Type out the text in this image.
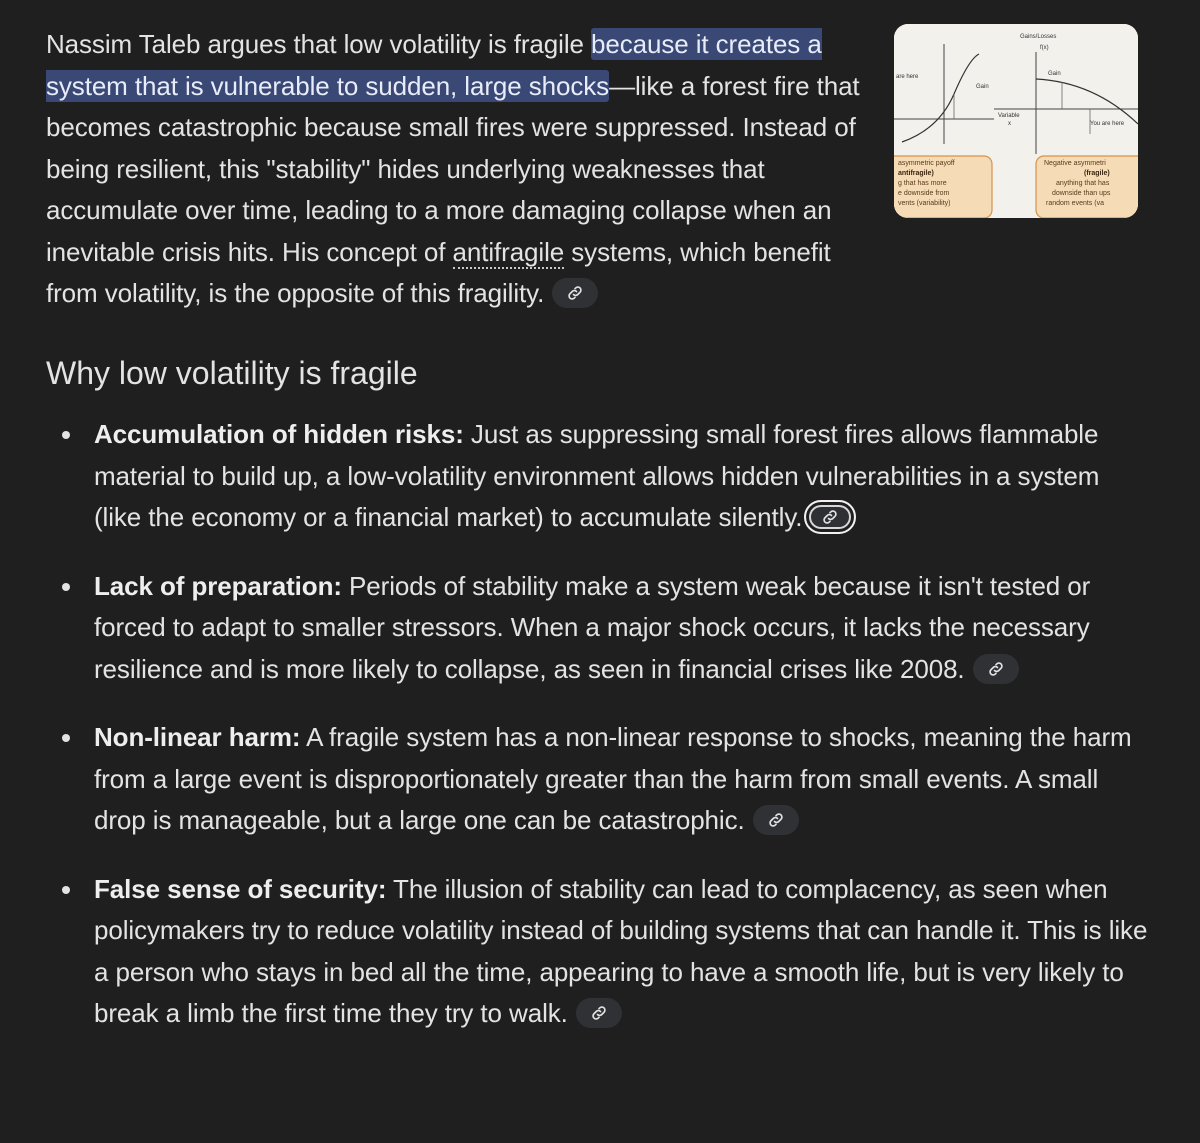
Nassim Taleb argues that low volatility is fragile because it creates a system that is vulnerable to sudden, large shocks—like a forest fire that becomes catastrophic because small fires were suppressed. Instead of being resilient, this "stability" hides underlying weaknesses that accumulate over time, leading to a more damaging collapse when an inevitable crisis hits. His concept of antifragile systems, which benefit from volatility, is the opposite of this fragility.
are here
Gain
asymmetric payoff
antifragile)
g that has more
e downside from
vents (variability)
Gains/Losses
f(x)
Gain
Variable
x	You are here
Negative asymmetri
(fragile)
anything that has
downside than ups
random events (va
Why low volatility is fragile
Accumulation of hidden risks: Just as suppressing small forest fires allows flammable material to build up, a low-volatility environment allows hidden vulnerabilities in a system (like the economy or a financial market) to accumulate silently.
Lack of preparation: Periods of stability make a system weak because it isn't tested or forced to adapt to smaller stressors. When a major shock occurs, it lacks the necessary resilience and is more likely to collapse, as seen in financial crises like 2008.
Non-linear harm: A fragile system has a non-linear response to shocks, meaning the harm from a large event is disproportionately greater than the harm from small events. A small drop is manageable, but a large one can be catastrophic.
False sense of security: The illusion of stability can lead to complacency, as seen when policymakers try to reduce volatility instead of building systems that can handle it. This is like a person who stays in bed all the time, appearing to have a smooth life, but is very likely to break a limb the first time they try to walk.
